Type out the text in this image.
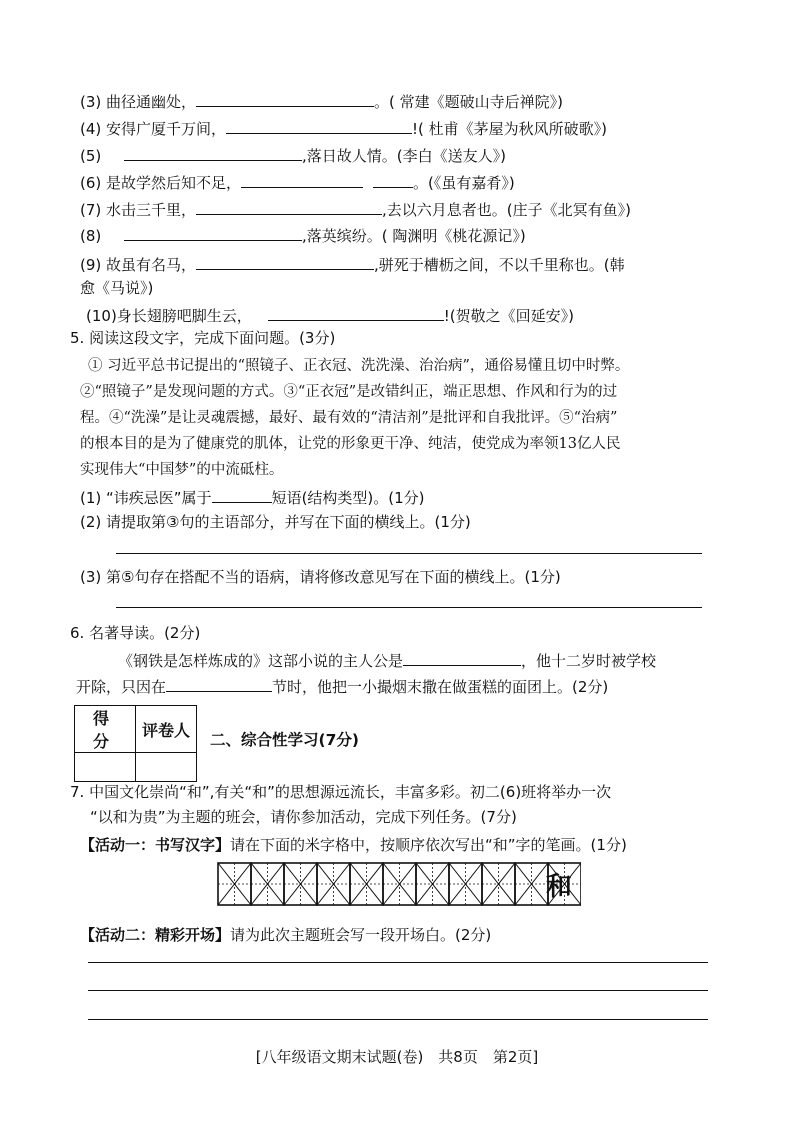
(3) 曲径通幽处，	。( 常建《题破山寺后禅院》)
(4) 安得广厦千万间，	!( 杜甫《茅屋为秋风所破歌》)
(5)	,落日故人情。(李白《送友人》)
(6) 是故学然后知不足，	。(《虽有嘉肴》)
(7) 水击三千里，	,去以六月息者也。(庄子《北冥有鱼》)
(8)	,落英缤纷。( 陶渊明《桃花源记》)
(9) 故虽有名马，	,骈死于槽枥之间，不以千里称也。(韩
愈《马说》)
(10)身长翅膀吧脚生云，	!(贺敬之《回延安》)
5. 阅读这段文字，完成下面问题。(3分)

① 习近平总书记提出的“照镜子、正衣冠、洗洗澡、治治病”，通俗易懂且切中时弊。

②“照镜子”是发现问题的方式。③“正衣冠”是改错纠正，端正思想、作风和行为的过

程。④“洗澡”是让灵魂震撼，最好、最有效的“清洁剂”是批评和自我批评。⑤“治病”

的根本目的是为了健康党的肌体，让党的形象更干净、纯洁，使党成为率领13亿人民

实现伟大“中国梦”的中流砥柱。

(1) “讳疾忌医”属于	短语(结构类型)。(1分)
(2) 请提取第③句的主语部分，并写在下面的横线上。(1分)
(3) 第⑤句存在搭配不当的语病，请将修改意见写在下面的横线上。(1分)
6. 名著导读。(2分)
《钢铁是怎样炼成的》这部小说的主人公是	，他十二岁时被学校
开除，只因在	节时，他把一小撮烟末撒在做蛋糕的面团上。(2分)
得 分	评卷人

二、综合性学习(7分)
7. 中国文化崇尚“和”,有关“和”的思想源远流长，丰富多彩。初二(6)班将举办一次
“以和为贵”为主题的班会，请你参加活动，完成下列任务。(7分)
【活动一：书写汉字】请在下面的米字格中，按顺序依次写出“和”字的笔画。(1分)
和
【活动二：精彩开场】请为此次主题班会写一段开场白。(2分)
[八年级语文期末试题(卷)　共8页　第2页]
